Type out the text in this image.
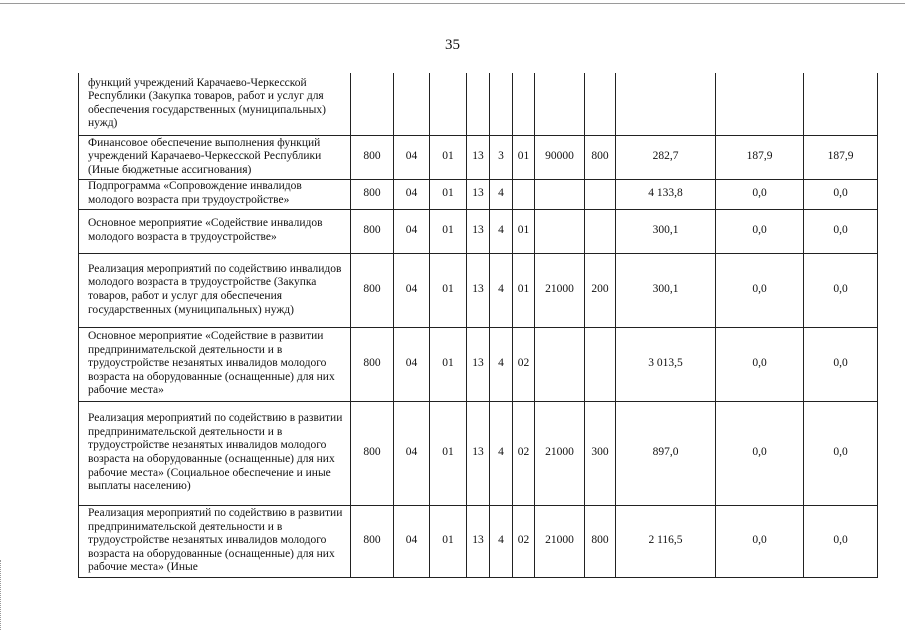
35
функций учреждений Карачаево-Черкесской Республики (Закупка товаров, работ и услуг для обеспечения государственных (муниципальных) нужд)											
Финансовое обеспечение выполнения функций учреждений Карачаево-Черкесской Республики (Иные бюджетные ассигнования)	800	04	01	13	3	01	90000	800	282,7	187,9	187,9
Подпрограмма «Сопровождение инвалидов молодого возраста при трудоустройстве»	800	04	01	13	4				4 133,8	0,0	0,0
Основное мероприятие «Содействие инвалидов молодого возраста в трудоустройстве»	800	04	01	13	4	01			300,1	0,0	0,0
Реализация мероприятий по содействию инвалидов молодого возраста в трудоустройстве (Закупка товаров, работ и услуг для обеспечения государственных (муниципальных) нужд)	800	04	01	13	4	01	21000	200	300,1	0,0	0,0
Основное мероприятие «Содействие в развитии предпринимательской деятельности и в трудоустройстве незанятых инвалидов молодого возраста на оборудованные (оснащенные) для них рабочие места»	800	04	01	13	4	02			3 013,5	0,0	0,0
Реализация мероприятий по содействию в развитии предпринимательской деятельности и в трудоустройстве незанятых инвалидов молодого возраста на оборудованные (оснащенные) для них рабочие места» (Социальное обеспечение и иные выплаты населению)	800	04	01	13	4	02	21000	300	897,0	0,0	0,0
Реализация мероприятий по содействию в развитии предпринимательской деятельности и в трудоустройстве незанятых инвалидов молодого возраста на оборудованные (оснащенные) для них рабочие места» (Иные	800	04	01	13	4	02	21000	800	2 116,5	0,0	0,0
